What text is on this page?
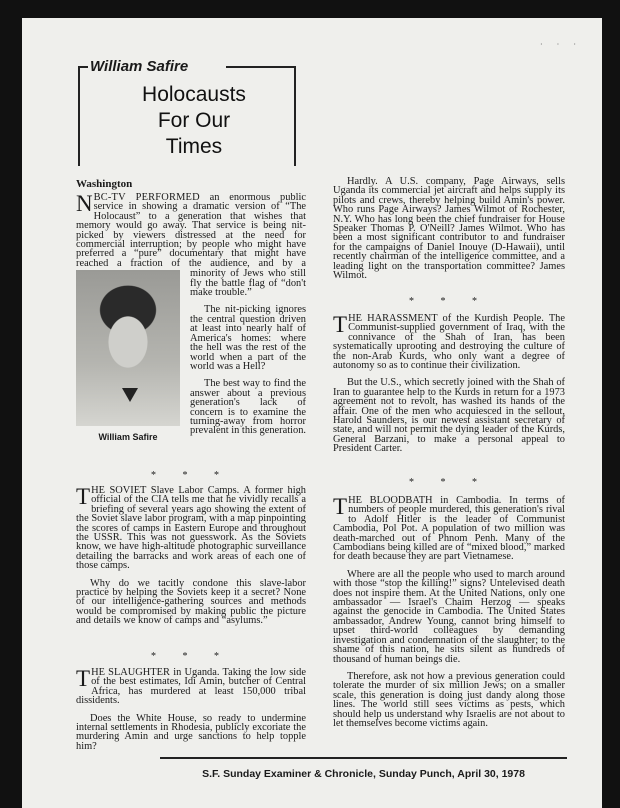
· · ·
William Safire
Holocausts
For Our
Times
Washington

NBC-TV PERFORMED an enormous public service in showing a dramatic version of “The Holocaust” to a generation that wishes that memory would go away. That service is being nit-picked by viewers distressed at the need for commercial interruption; by people who might have preferred a “pure” documentary that might have reached a fraction of the audience, and by a

minority of Jews who still fly the battle flag of “don't make trouble.”

The nit-picking ignores the central question driven at least into nearly half of America's homes: where the hell was the rest of the world when a part of the world was a Hell?

William Safire

The best way to find the answer about a previous generation's lack of concern is to examine the turning-away from horror prevalent in this generation.

* * *

THE SOVIET Slave Labor Camps. A former high official of the CIA tells me that he vividly recalls a briefing of several years ago showing the extent of the Soviet slave labor program, with a map pinpointing the scores of camps in Eastern Europe and throughout the USSR. This was not guesswork. As the Soviets know, we have high-altitude photographic surveillance detailing the barracks and work areas of each one of those camps.

Why do we tacitly condone this slave-labor practice by helping the Soviets keep it a secret? None of our intelligence-gathering sources and methods would be compromised by making public the picture and details we know of camps and “asylums.”

* * *

THE SLAUGHTER in Uganda. Taking the low side of the best estimates, Idi Amin, butcher of Central Africa, has murdered at least 150,000 tribal dissidents.

Does the White House, so ready to undermine internal settlements in Rhodesia, publicly excoriate the murdering Amin and urge sanctions to help topple him?

Hardly. A U.S. company, Page Airways, sells Uganda its commercial jet aircraft and helps supply its pilots and crews, thereby helping build Amin's power. Who runs Page Airways? James Wilmot of Rochester, N.Y. Who has long been the chief fundraiser for House Speaker Thomas P. O'Neill? James Wilmot. Who has been a most significant contributor to and fundraiser for the campaigns of Daniel Inouye (D-Hawaii), until recently chairman of the intelligence committee, and a leading light on the transportation committee? James Wilmot.

* * *

THE HARASSMENT of the Kurdish People. The Communist-supplied government of Iraq, with the connivance of the Shah of Iran, has been systematically uprooting and destroying the culture of the non-Arab Kurds, who only want a degree of autonomy so as to continue their civilization.

But the U.S., which secretly joined with the Shah of Iran to guarantee help to the Kurds in return for a 1973 agreement not to revolt, has washed its hands of the affair. One of the men who acquiesced in the sellout, Harold Saunders, is our newest assistant secretary of state, and will not permit the dying leader of the Kurds, General Barzani, to make a personal appeal to President Carter.

* * *

THE BLOODBATH in Cambodia. In terms of numbers of people murdered, this generation's rival to Adolf Hitler is the leader of Communist Cambodia, Pol Pot. A population of two million was death-marched out of Phnom Penh. Many of the Cambodians being killed are of “mixed blood,” marked for death because they are part Vietnamese.

Where are all the people who used to march around with those “stop the killing!” signs? Untelevised death does not inspire them. At the United Nations, only one ambassador — Israel's Chaim Herzog — speaks against the genocide in Cambodia. The United States ambassador, Andrew Young, cannot bring himself to upset third-world colleagues by demanding investigation and condemnation of the slaughter; to the shame of this nation, he sits silent as hundreds of thousand of human beings die.

Therefore, ask not how a previous generation could tolerate the murder of six million Jews; on a smaller scale, this generation is doing just dandy along those lines. The world still sees victims as pests, which should help us understand why Israelis are not about to let themselves become victims again.

S.F. Sunday Examiner & Chronicle, Sunday Punch, April 30, 1978
